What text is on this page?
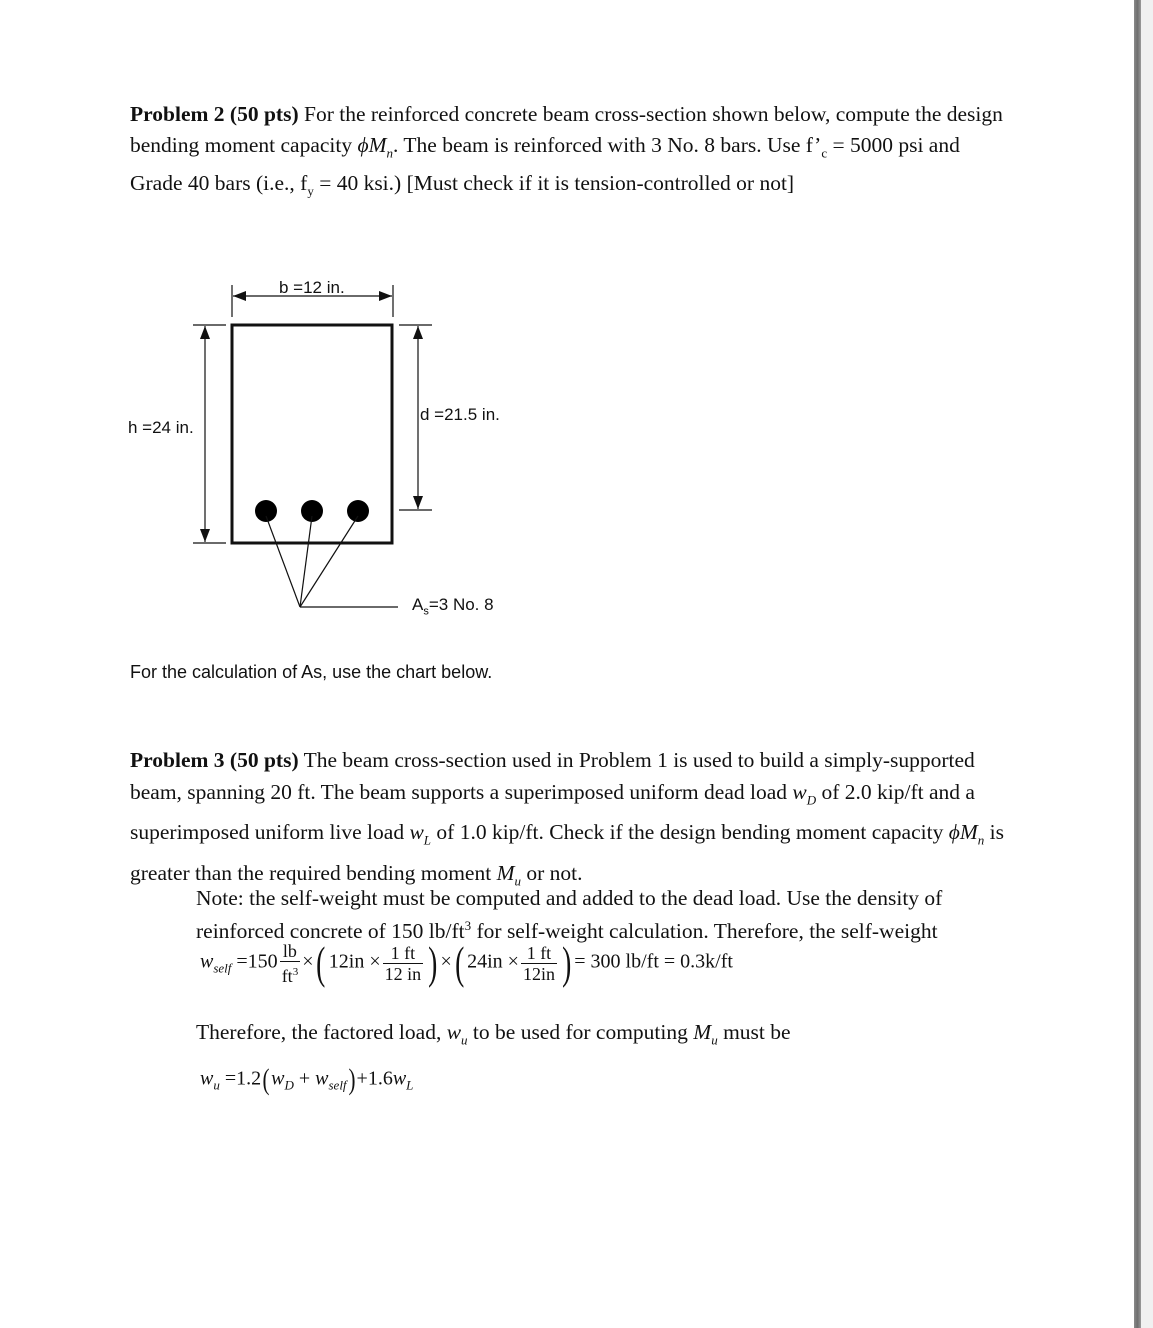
Problem 2 (50 pts) For the reinforced concrete beam cross-section shown below, compute the design bending moment capacity $\phi M_n$. The beam is reinforced with 3 No. 8 bars. Use $f’_c = 5000$ psi and Grade 40 bars (i.e., $f_y = 40$ ksi.) [Must check if it is tension-controlled or not]

b =12 in.
h =24 in.
d =21.5 in.
$A_s=3$ No. 8
For the calculation of As, use the chart below.

Problem 3 (50 pts) The beam cross-section used in Problem 1 is used to build a simply-supported beam, spanning 20 ft. The beam supports a superimposed uniform dead load $w_D$ of 2.0 kip/ft and a superimposed uniform live load $w_L$ of 1.0 kip/ft. Check if the design bending moment capacity $\phi M_n$ is greater than the required bending moment $M_u$ or not.

Note: the self-weight must be computed and added to the dead load. Use the density of reinforced concrete of 150 $lb/ft^3$ for self-weight calculation. Therefore, the self-weight

$w_{self} =150 \frac{lb}{ft^3}$ ×( $12in \times \frac{1 ft}{12 in}$ ) ×( $24in \times \frac{1 ft}{12in}$ ) = 300 lb/ft = 0.3k/ft

Therefore, the factored load, $w_u$ to be used for computing $M_u$ must be

$w_u =1.2(w_D + w_{self})+1.6w_L$
